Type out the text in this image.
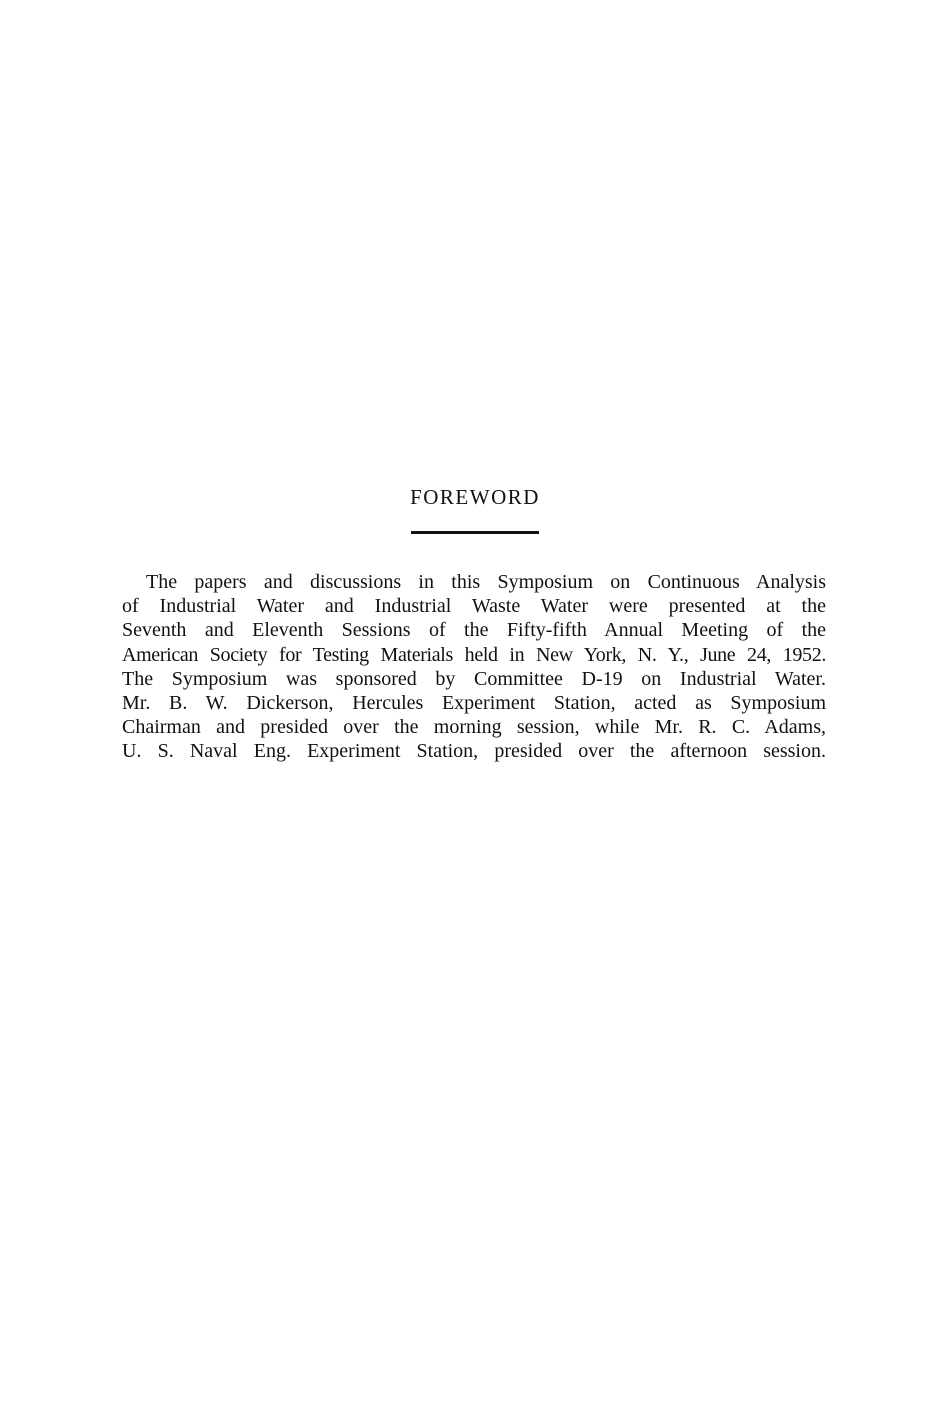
FOREWORD
The papers and discussions in this Symposium on Continuous Analysis
of Industrial Water and Industrial Waste Water were presented at the
Seventh and Eleventh Sessions of the Fifty-fifth Annual Meeting of the
American Society for Testing Materials held in New York, N. Y., June 24, 1952.
The Symposium was sponsored by Committee D-19 on Industrial Water.
Mr. B. W. Dickerson, Hercules Experiment Station, acted as Symposium
Chairman and presided over the morning session, while Mr. R. C. Adams,
U. S. Naval Eng. Experiment Station, presided over the afternoon session.
